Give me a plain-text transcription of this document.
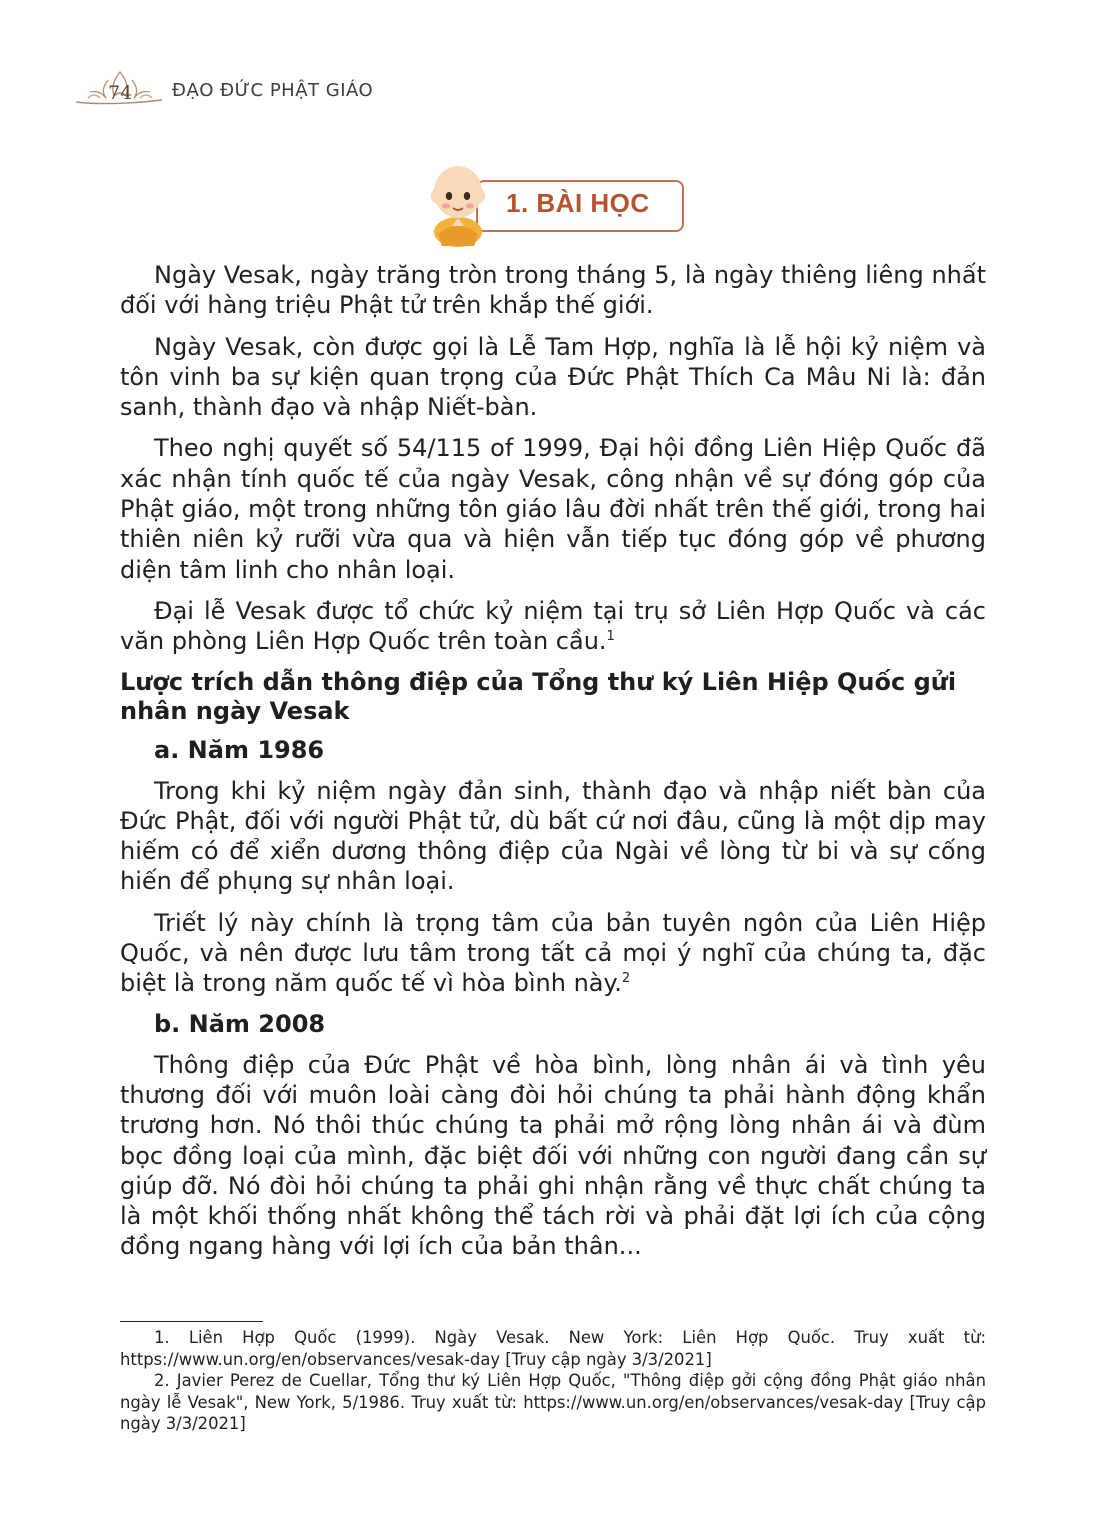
74 ĐẠO ĐỨC PHẬT GIÁO
1. BÀI HỌC

Ngày Vesak, ngày trăng tròn trong tháng 5, là ngày thiêng liêng nhất đối với hàng triệu Phật tử trên khắp thế giới.

Ngày Vesak, còn được gọi là Lễ Tam Hợp, nghĩa là lễ hội kỷ niệm và tôn vinh ba sự kiện quan trọng của Đức Phật Thích Ca Mâu Ni là: đản sanh, thành đạo và nhập Niết-bàn.

Theo nghị quyết số 54/115 of 1999, Đại hội đồng Liên Hiệp Quốc đã xác nhận tính quốc tế của ngày Vesak, công nhận về sự đóng góp của Phật giáo, một trong những tôn giáo lâu đời nhất trên thế giới, trong hai thiên niên kỷ rưỡi vừa qua và hiện vẫn tiếp tục đóng góp về phương diện tâm linh cho nhân loại.

Đại lễ Vesak được tổ chức kỷ niệm tại trụ sở Liên Hợp Quốc và các văn phòng Liên Hợp Quốc trên toàn cầu.$^1$

Lược trích dẫn thông điệp của Tổng thư ký Liên Hiệp Quốc gửi nhân ngày Vesak
a. Năm 1986

Trong khi kỷ niệm ngày đản sinh, thành đạo và nhập niết bàn của Đức Phật, đối với người Phật tử, dù bất cứ nơi đâu, cũng là một dịp may hiếm có để xiển dương thông điệp của Ngài về lòng từ bi và sự cống hiến để phụng sự nhân loại.

Triết lý này chính là trọng tâm của bản tuyên ngôn của Liên Hiệp Quốc, và nên được lưu tâm trong tất cả mọi ý nghĩ của chúng ta, đặc biệt là trong năm quốc tế vì hòa bình này.$^2$

b. Năm 2008

Thông điệp của Đức Phật về hòa bình, lòng nhân ái và tình yêu thương đối với muôn loài càng đòi hỏi chúng ta phải hành động khẩn trương hơn. Nó thôi thúc chúng ta phải mở rộng lòng nhân ái và đùm bọc đồng loại của mình, đặc biệt đối với những con người đang cần sự giúp đỡ. Nó đòi hỏi chúng ta phải ghi nhận rằng về thực chất chúng ta là một khối thống nhất không thể tách rời và phải đặt lợi ích của cộng đồng ngang hàng với lợi ích của bản thân...

1. Liên Hợp Quốc (1999). Ngày Vesak. New York: Liên Hợp Quốc. Truy xuất từ: https://www.un.org/en/observances/vesak-day [Truy cập ngày 3/3/2021]

2. Javier Perez de Cuellar, Tổng thư ký Liên Hợp Quốc, "Thông điệp gởi cộng đồng Phật giáo nhân ngày lễ Vesak", New York, 5/1986. Truy xuất từ: https://www.un.org/en/observances/vesak-day [Truy cập ngày 3/3/2021]
